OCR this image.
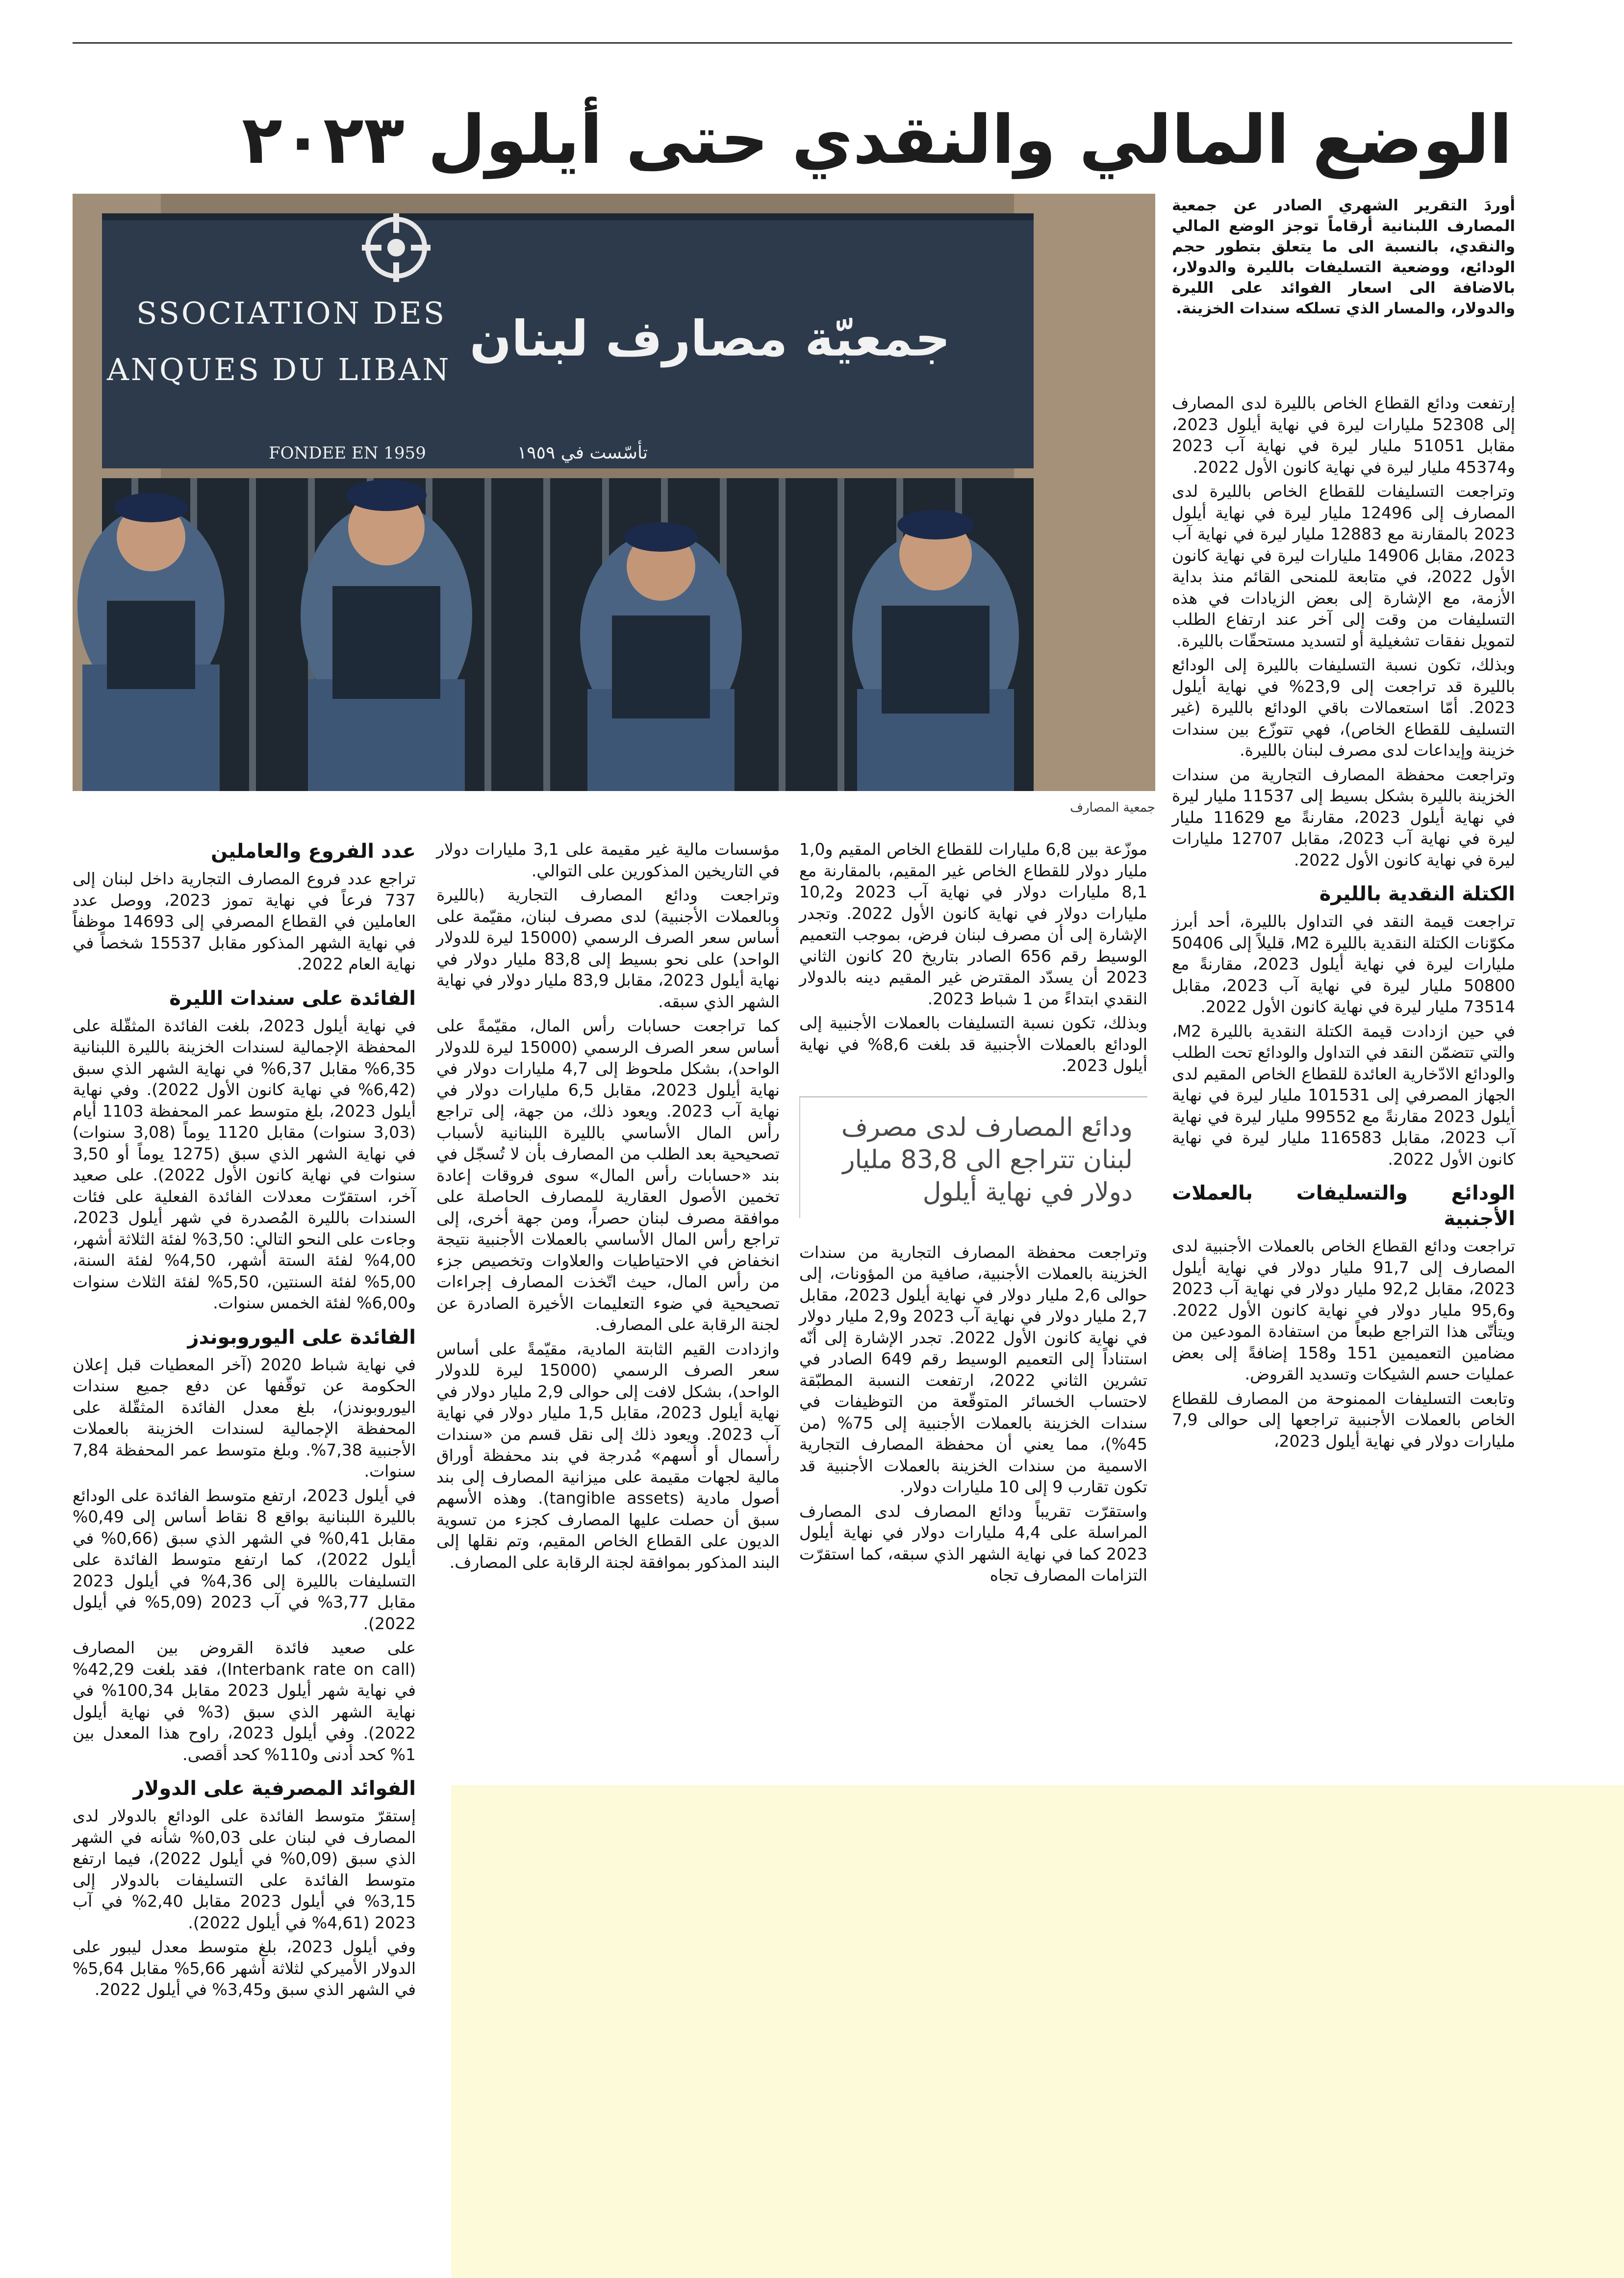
الوضع المالي والنقدي حتى أيلول ٢٠٢٣
SSOCIATION DES
ANQUES DU LIBAN
جمعيّة مصارف لبنان
FONDEE EN 1959	تأسّست في ١٩٥٩
جمعية المصارف
أوردَ التقرير الشهري الصادر عن جمعية المصارف اللبنانية أرقاماً توجز الوضع المالي والنقدي، بالنسبة الى ما يتعلق بتطور حجم الودائع، ووضعية التسليفات بالليرة والدولار، بالاضافة الى اسعار الفوائد على الليرة والدولار، والمسار الذي تسلكه سندات الخزينة.

إرتفعت ودائع القطاع الخاص بالليرة لدى المصارف إلى 52308 مليارات ليرة في نهاية أيلول 2023، مقابل 51051 مليار ليرة في نهاية آب 2023 و45374 مليار ليرة في نهاية كانون الأول 2022.

وتراجعت التسليفات للقطاع الخاص بالليرة لدى المصارف إلى 12496 مليار ليرة في نهاية أيلول 2023 بالمقارنة مع 12883 مليار ليرة في نهاية آب 2023، مقابل 14906 مليارات ليرة في نهاية كانون الأول 2022، في متابعة للمنحى القائم منذ بداية الأزمة، مع الإشارة إلى بعض الزيادات في هذه التسليفات من وقت إلى آخر عند ارتفاع الطلب لتمويل نفقات تشغيلية أو لتسديد مستحقّات بالليرة.

وبذلك، تكون نسبة التسليفات بالليرة إلى الودائع بالليرة قد تراجعت إلى 23,9% في نهاية أيلول 2023. أمّا استعمالات باقي الودائع بالليرة (غير التسليف للقطاع الخاص)، فهي تتوزّع بين سندات خزينة وإيداعات لدى مصرف لبنان بالليرة.

وتراجعت محفظة المصارف التجارية من سندات الخزينة بالليرة بشكل بسيط إلى 11537 مليار ليرة في نهاية أيلول 2023، مقارنةً مع 11629 مليار ليرة في نهاية آب 2023، مقابل 12707 مليارات ليرة في نهاية كانون الأول 2022.

الكتلة النقدية بالليرة

تراجعت قيمة النقد في التداول بالليرة، أحد أبرز مكوّنات الكتلة النقدية بالليرة M2، قليلاً إلى 50406 مليارات ليرة في نهاية أيلول 2023، مقارنةً مع 50800 مليار ليرة في نهاية آب 2023، مقابل 73514 مليار ليرة في نهاية كانون الأول 2022.

في حين ازدادت قيمة الكتلة النقدية بالليرة M2، والتي تتضمّن النقد في التداول والودائع تحت الطلب والودائع الادّخارية العائدة للقطاع الخاص المقيم لدى الجهاز المصرفي إلى 101531 مليار ليرة في نهاية أيلول 2023 مقارنةً مع 99552 مليار ليرة في نهاية آب 2023، مقابل 116583 مليار ليرة في نهاية كانون الأول 2022.

الودائع والتسليفات بالعملات الأجنبية

تراجعت ودائع القطاع الخاص بالعملات الأجنبية لدى المصارف إلى 91,7 مليار دولار في نهاية أيلول 2023، مقابل 92,2 مليار دولار في نهاية آب 2023 و95,6 مليار دولار في نهاية كانون الأول 2022. ويتأتّى هذا التراجع طبعاً من استفادة المودعين من مضامين التعميمين 151 و158 إضافةً إلى بعض عمليات حسم الشيكات وتسديد القروض.

وتابعت التسليفات الممنوحة من المصارف للقطاع الخاص بالعملات الأجنبية تراجعها إلى حوالى 7,9 مليارات دولار في نهاية أيلول 2023،

موزّعة بين 6,8 مليارات للقطاع الخاص المقيم و1,0 مليار دولار للقطاع الخاص غير المقيم، بالمقارنة مع 8,1 مليارات دولار في نهاية آب 2023 و10,2 مليارات دولار في نهاية كانون الأول 2022. وتجدر الإشارة إلى أن مصرف لبنان فرض، بموجب التعميم الوسيط رقم 656 الصادر بتاريخ 20 كانون الثاني 2023 أن يسدّد المقترض غير المقيم دينه بالدولار النقدي ابتداءً من 1 شباط 2023.

وبذلك، تكون نسبة التسليفات بالعملات الأجنبية إلى الودائع بالعملات الأجنبية قد بلغت 8,6% في نهاية أيلول 2023.

ودائع المصارف لدى مصرف لبنان تتراجع الى 83,8 مليار دولار في نهاية أيلول

وتراجعت محفظة المصارف التجارية من سندات الخزينة بالعملات الأجنبية، صافية من المؤونات، إلى حوالى 2,6 مليار دولار في نهاية أيلول 2023، مقابل 2,7 مليار دولار في نهاية آب 2023 و2,9 مليار دولار في نهاية كانون الأول 2022. تجدر الإشارة إلى أنّه استناداً إلى التعميم الوسيط رقم 649 الصادر في تشرين الثاني 2022، ارتفعت النسبة المطبّقة لاحتساب الخسائر المتوقّعة من التوظيفات في سندات الخزينة بالعملات الأجنبية إلى 75% (من 45%)، مما يعني أن محفظة المصارف التجارية الاسمية من سندات الخزينة بالعملات الأجنبية قد تكون تقارب 9 إلى 10 مليارات دولار.

واستقرّت تقريباً ودائع المصارف لدى المصارف المراسلة على 4,4 مليارات دولار في نهاية أيلول 2023 كما في نهاية الشهر الذي سبقه، كما استقرّت التزامات المصارف تجاه

مؤسسات مالية غير مقيمة على 3,1 مليارات دولار في التاريخين المذكورين على التوالي.

وتراجعت ودائع المصارف التجارية (بالليرة وبالعملات الأجنبية) لدى مصرف لبنان، مقيّمة على أساس سعر الصرف الرسمي (15000 ليرة للدولار الواحد) على نحو بسيط إلى 83,8 مليار دولار في نهاية أيلول 2023، مقابل 83,9 مليار دولار في نهاية الشهر الذي سبقه.

كما تراجعت حسابات رأس المال، مقيّمةً على أساس سعر الصرف الرسمي (15000 ليرة للدولار الواحد)، بشكل ملحوظ إلى 4,7 مليارات دولار في نهاية أيلول 2023، مقابل 6,5 مليارات دولار في نهاية آب 2023. ويعود ذلك، من جهة، إلى تراجع رأس المال الأساسي بالليرة اللبنانية لأسباب تصحيحية بعد الطلب من المصارف بأن لا تُسجّل في بند «حسابات رأس المال» سوى فروقات إعادة تخمين الأصول العقارية للمصارف الحاصلة على موافقة مصرف لبنان حصراً، ومن جهة أخرى، إلى تراجع رأس المال الأساسي بالعملات الأجنبية نتيجة انخفاض في الاحتياطيات والعلاوات وتخصيص جزء من رأس المال، حيث اتّخذت المصارف إجراءات تصحيحية في ضوء التعليمات الأخيرة الصادرة عن لجنة الرقابة على المصارف.

وازدادت القيم الثابتة المادية، مقيّمةً على أساس سعر الصرف الرسمي (15000 ليرة للدولار الواحد)، بشكل لافت إلى حوالى 2,9 مليار دولار في نهاية أيلول 2023، مقابل 1,5 مليار دولار في نهاية آب 2023. ويعود ذلك إلى نقل قسم من «سندات رأسمال أو أسهم» مُدرجة في بند محفظة أوراق مالية لجهات مقيمة على ميزانية المصارف إلى بند أصول مادية (tangible assets). وهذه الأسهم سبق أن حصلت عليها المصارف كجزء من تسوية الديون على القطاع الخاص المقيم، وتم نقلها إلى البند المذكور بموافقة لجنة الرقابة على المصارف.

عدد الفروع والعاملين

تراجع عدد فروع المصارف التجارية داخل لبنان إلى 737 فرعاً في نهاية تموز 2023، ووصل عدد العاملين في القطاع المصرفي إلى 14693 موظفاً في نهاية الشهر المذكور مقابل 15537 شخصاً في نهاية العام 2022.

الفائدة على سندات الليرة

في نهاية أيلول 2023، بلغت الفائدة المثقّلة على المحفظة الإجمالية لسندات الخزينة بالليرة اللبنانية 6,35% مقابل 6,37% في نهاية الشهر الذي سبق (6,42% في نهاية كانون الأول 2022). وفي نهاية أيلول 2023، بلغ متوسط عمر المحفظة 1103 أيام (3,03 سنوات) مقابل 1120 يوماً (3,08 سنوات) في نهاية الشهر الذي سبق (1275 يوماً أو 3,50 سنوات في نهاية كانون الأول 2022). على صعيد آخر، استقرّت معدلات الفائدة الفعلية على فئات السندات بالليرة المُصدرة في شهر أيلول 2023، وجاءت على النحو التالي: 3,50% لفئة الثلاثة أشهر، 4,00% لفئة الستة أشهر، 4,50% لفئة السنة، 5,00% لفئة السنتين، 5,50% لفئة الثلاث سنوات و6,00% لفئة الخمس سنوات.

الفائدة على اليوروبوندز

في نهاية شباط 2020 (آخر المعطيات قبل إعلان الحكومة عن توقّفها عن دفع جميع سندات اليوروبوندز)، بلغ معدل الفائدة المثقّلة على المحفظة الإجمالية لسندات الخزينة بالعملات الأجنبية 7,38%. وبلغ متوسط عمر المحفظة 7,84 سنوات.

في أيلول 2023، ارتفع متوسط الفائدة على الودائع بالليرة اللبنانية بواقع 8 نقاط أساس إلى 0,49% مقابل 0,41% في الشهر الذي سبق (0,66% في أيلول 2022)، كما ارتفع متوسط الفائدة على التسليفات بالليرة إلى 4,36% في أيلول 2023 مقابل 3,77% في آب 2023 (5,09% في أيلول 2022).

على صعيد فائدة القروض بين المصارف (Interbank rate on call)، فقد بلغت 42,29% في نهاية شهر أيلول 2023 مقابل 100,34% في نهاية الشهر الذي سبق (3% في نهاية أيلول 2022). وفي أيلول 2023، راوح هذا المعدل بين 1% كحد أدنى و110% كحد أقصى.

الفوائد المصرفية على الدولار

إستقرّ متوسط الفائدة على الودائع بالدولار لدى المصارف في لبنان على 0,03% شأنه في الشهر الذي سبق (0,09% في أيلول 2022)، فيما ارتفع متوسط الفائدة على التسليفات بالدولار إلى 3,15% في أيلول 2023 مقابل 2,40% في آب 2023 (4,61% في أيلول 2022).

وفي أيلول 2023، بلغ متوسط معدل ليبور على الدولار الأميركي لثلاثة أشهر 5,66% مقابل 5,64% في الشهر الذي سبق و3,45% في أيلول 2022.
